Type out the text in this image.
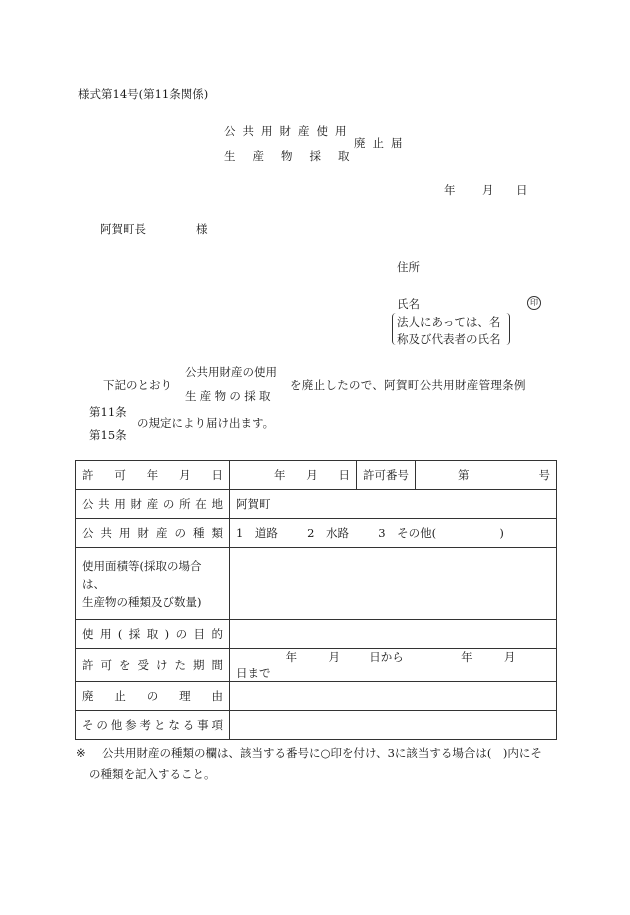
様式第14号(第11条関係)
公共用財産使用
生産物採取
廃止届
年 月 日
阿賀町長	様
住所
氏名	印
法人にあっては、名
称及び代表者の氏名
下記のとおり
公共用財産の使用
生産物の採取
を廃止したので、阿賀町公共用財産管理条例
第11条
第15条
の規定により届け出ます。
許可年月日	年 月 日	許可番号	第 号

公共用財産の所在地	阿賀町		
公共用財産の種類	1　道路 2　水路 3　その他( )		

使用面積等(採取の場合は、
生産物の種類及び数量)			

使用(採取)の目的			
許可を受けた期間	年 月 日から 年 月  日まで		
廃止の理由			
その他参考となる事項			
※ 公共用財産の種類の欄は、該当する番号に○印を付け、3に該当する場合は(　)内にそ
の種類を記入すること。
